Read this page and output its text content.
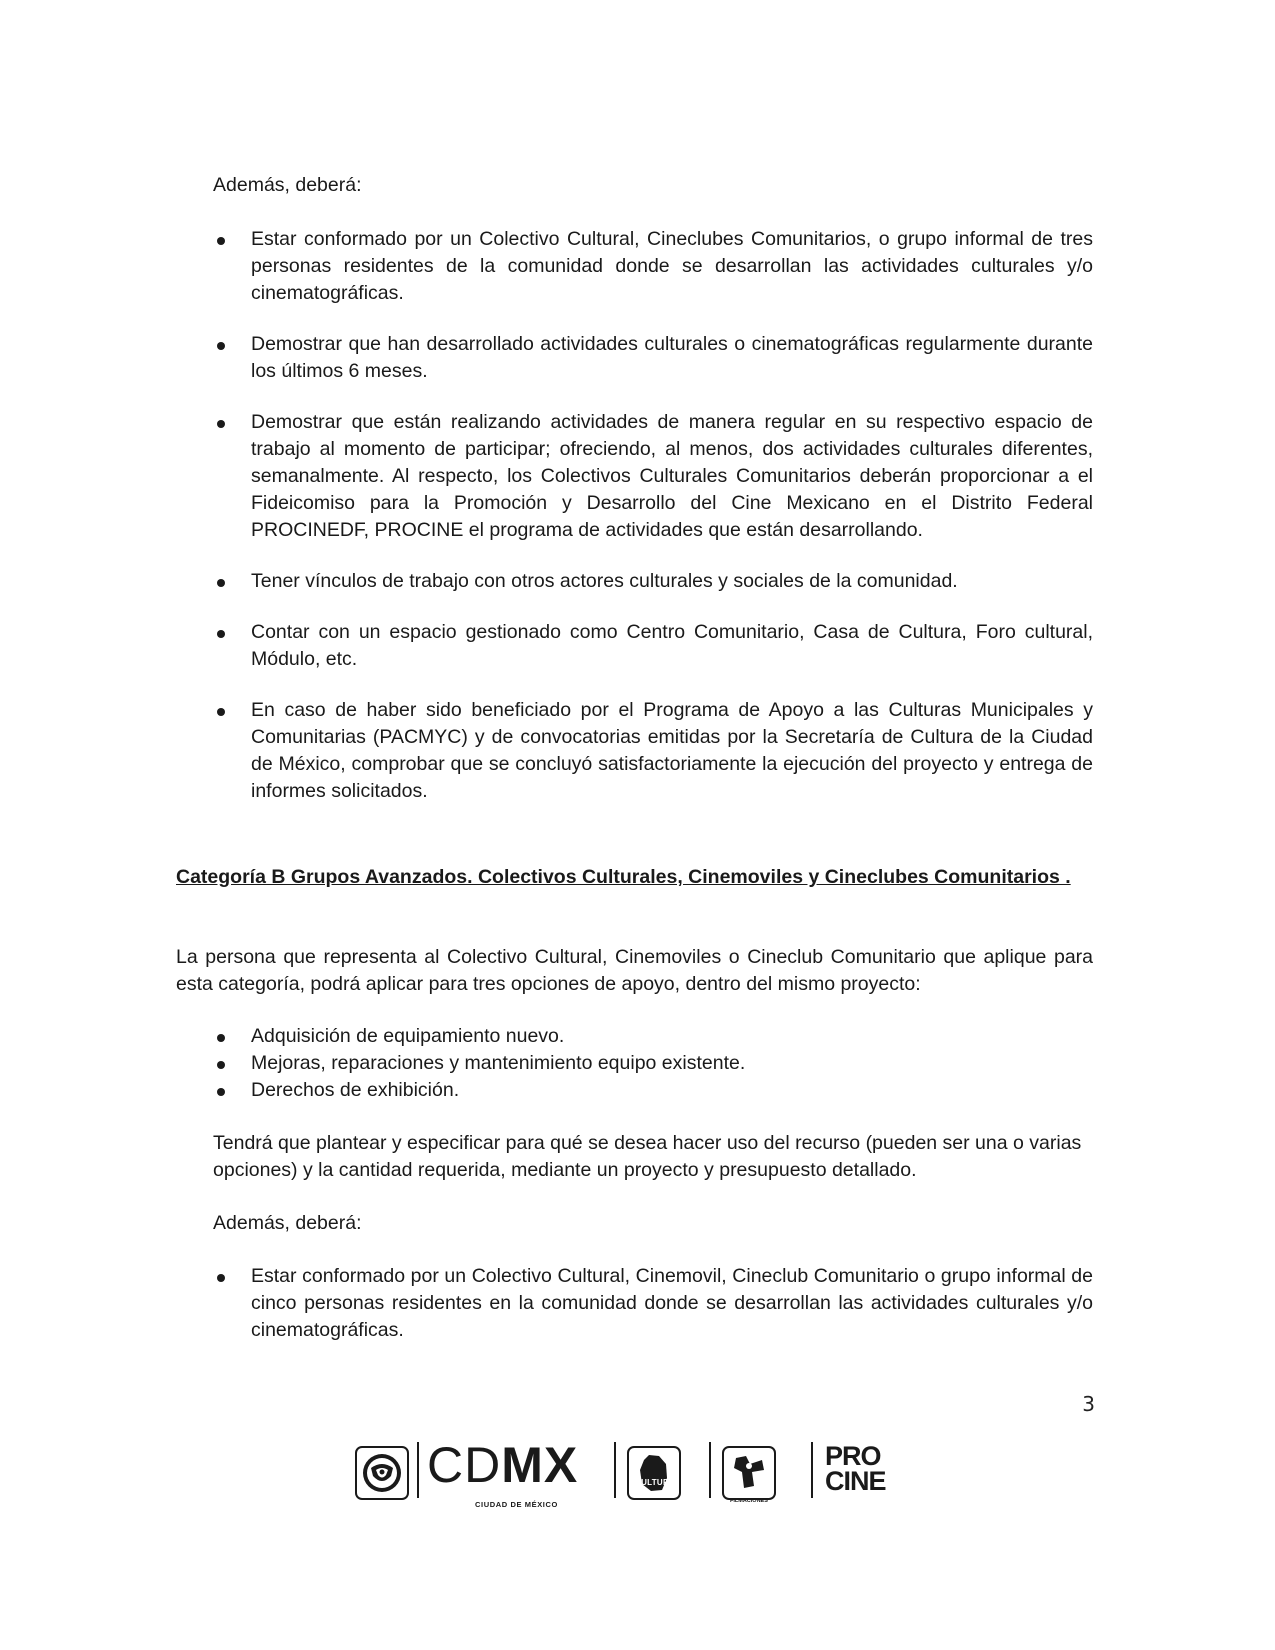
Además, deberá:

Estar conformado por un Colectivo Cultural, Cineclubes Comunitarios, o grupo informal de tres personas residentes de la comunidad donde se desarrollan las actividades culturales y/o cinematográficas.
Demostrar que han desarrollado actividades culturales o cinematográficas regularmente durante los últimos 6 meses.
Demostrar que están realizando actividades de manera regular en su respectivo espacio de trabajo al momento de participar; ofreciendo, al menos, dos actividades culturales diferentes, semanalmente. Al respecto, los Colectivos Culturales Comunitarios deberán proporcionar a el Fideicomiso para la Promoción y Desarrollo del Cine Mexicano en el Distrito Federal PROCINEDF, PROCINE el programa de actividades que están desarrollando.
Tener vínculos de trabajo con otros actores culturales y sociales de la comunidad.
Contar con un espacio gestionado como Centro Comunitario, Casa de Cultura, Foro cultural, Módulo, etc.
En caso de haber sido beneficiado por el Programa de Apoyo a las Culturas Municipales y Comunitarias (PACMYC) y de convocatorias emitidas por la Secretaría de Cultura de la Ciudad de México, comprobar que se concluyó satisfactoriamente la ejecución del proyecto y entrega de informes solicitados.

Categoría B Grupos Avanzados. Colectivos Culturales, Cinemoviles y Cineclubes Comunitarios .

La persona que representa al Colectivo Cultural, Cinemoviles o Cineclub Comunitario que aplique para esta categoría, podrá aplicar para tres opciones de apoyo, dentro del mismo proyecto:

Adquisición de equipamiento nuevo.
Mejoras, reparaciones y mantenimiento equipo existente.
Derechos de exhibición.

Tendrá que plantear y especificar para qué se desea hacer uso del recurso (pueden ser una o varias opciones) y la cantidad requerida, mediante un proyecto y presupuesto detallado.

Además, deberá:

Estar conformado por un Colectivo Cultural, Cinemovil, Cineclub Comunitario o grupo informal de cinco personas residentes en la comunidad donde se desarrollan las actividades culturales y/o cinematográficas.
3
CDMX
CIUDAD DE MÉXICO
CULTURA
FILMACIONES
PRO
CINE
